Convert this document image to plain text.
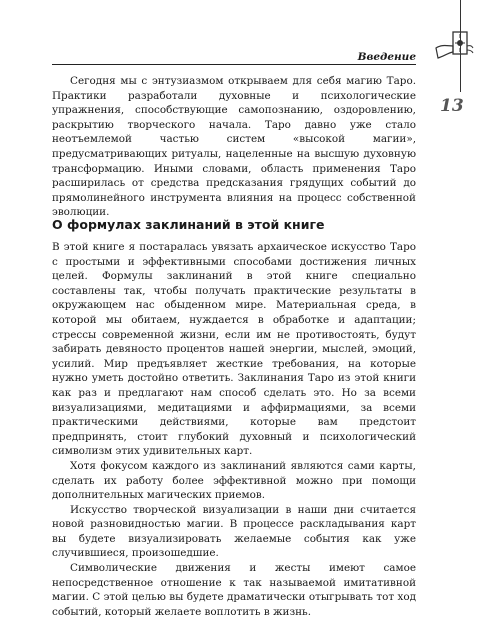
Введение
13

Сегодня мы с энтузиазмом открываем для себя магию Таро. Практики разработали духовные и психологические упражнения, способствующие самопознанию, оздоровлению, раскрытию творческого начала. Таро давно уже стало неотъемлемой частью систем «высокой магии», предусматривающих ритуалы, нацеленные на высшую духовную трансформацию. Иными словами, область применения Таро расширилась от средства предсказания грядущих событий до прямолинейного инструмента влияния на процесс собственной эволюции.

О формулах заклинаний в этой книге

В этой книге я постаралась увязать архаическое искусство Таро с простыми и эффективными способами достижения личных целей. Формулы заклинаний в этой книге специально составлены так, чтобы получать практические результаты в окружающем нас обыденном мире. Материальная среда, в которой мы обитаем, нуждается в обработке и адаптации; стрессы современной жизни, если им не противостоять, будут забирать девяносто процентов нашей энергии, мыслей, эмоций, усилий. Мир предъявляет жесткие требования, на которые нужно уметь достойно ответить. Заклинания Таро из этой книги как раз и предлагают нам способ сделать это. Но за всеми визуализациями, медитациями и аффирмациями, за всеми практическими действиями, которые вам предстоит предпринять, стоит глубокий духовный и психологический символизм этих удивительных карт.

Хотя фокусом каждого из заклинаний являются сами карты, сделать их работу более эффективной можно при помощи дополнительных магических приемов.

Искусство творческой визуализации в наши дни считается новой разновидностью магии. В процессе раскладывания карт вы будете визуализировать желаемые события как уже случившиеся, произошедшие.

Символические движения и жесты имеют самое непосредственное отношение к так называемой имитативной магии. С этой целью вы будете драматически отыгрывать тот ход событий, который желаете воплотить в жизнь.
